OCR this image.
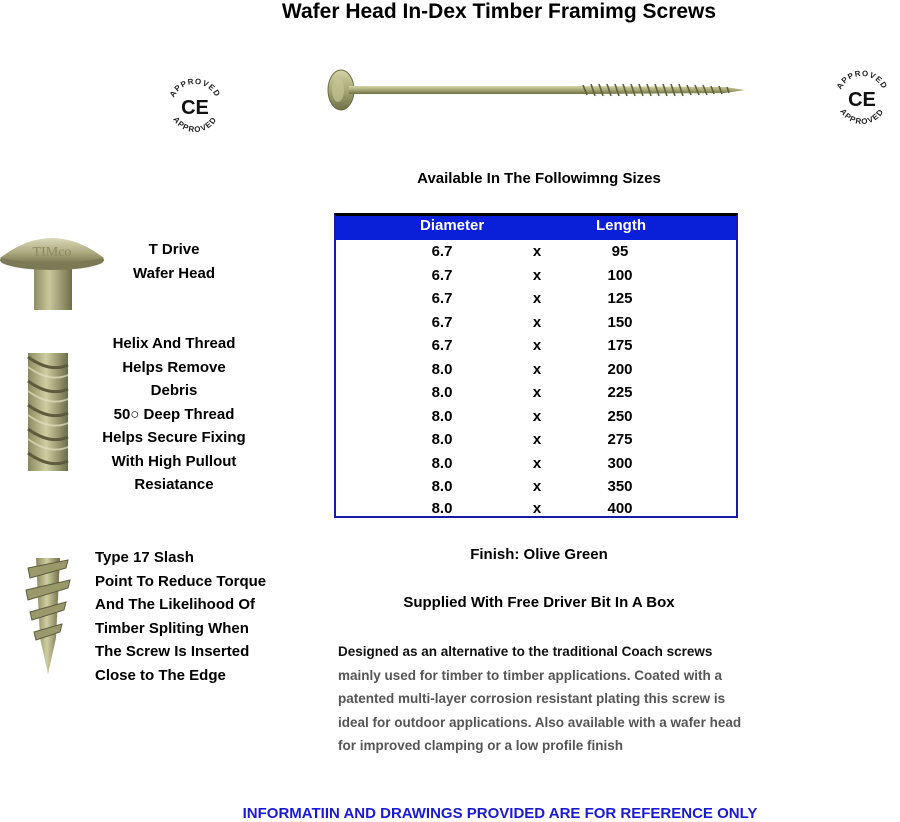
Wafer Head In-Dex Timber Framimg Screws
APPROVED
APPROVED
CE
APPROVED
APPROVED
CE
TIMco	T Drive
Wafer Head
Helix And Thread
Helps Remove
Debris
50○ Deep Thread
Helps Secure Fixing
With High Pullout
Resiatance
Type 17 Slash
Point To Reduce Torque
And The Likelihood Of
Timber Spliting When
The Screw Is Inserted
Close to The Edge
Available In The Followimng Sizes
Diameter	Length
6.7	x	95
6.7	x	100
6.7	x	125
6.7	x	150
6.7	x	175
8.0	x	200
8.0	x	225
8.0	x	250
8.0	x	275
8.0	x	300
8.0	x	350
8.0	x	400
Finish: Olive Green
Supplied With Free Driver Bit In A Box
Designed as an alternative to the traditional Coach screws
mainly used for timber to timber applications. Coated with a
patented multi-layer corrosion resistant plating this screw is
ideal for outdoor applications. Also available with a wafer head
for improved clamping or a low profile finish
INFORMATIIN AND DRAWINGS PROVIDED ARE FOR REFERENCE ONLY
